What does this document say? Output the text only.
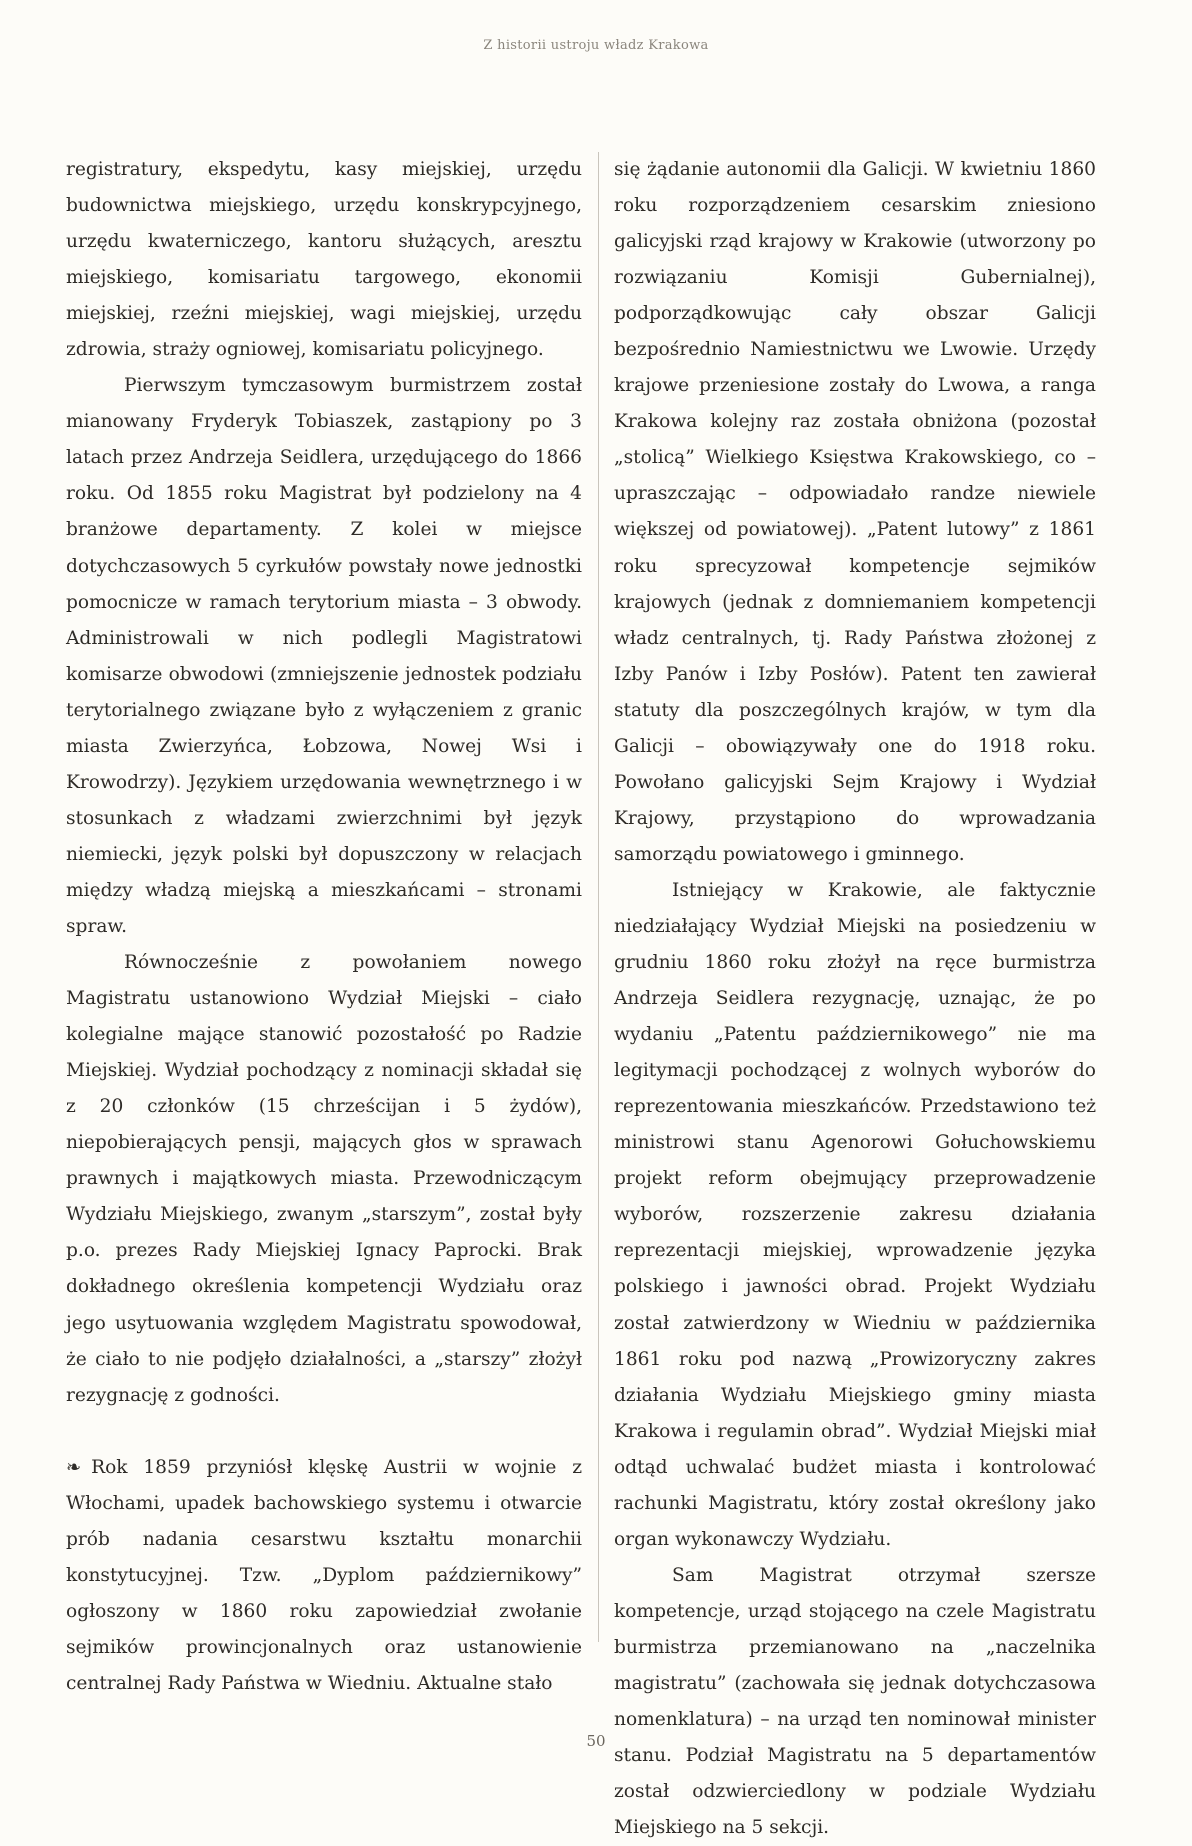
Z historii ustroju władz Krakowa

registratury, ekspedytu, kasy miejskiej, urzędu budownictwa miejskiego, urzędu konskrypcyjnego, urzędu kwaterniczego, kantoru służących, aresztu miejskiego, komisariatu targowego, ekonomii miejskiej, rzeźni miejskiej, wagi miejskiej, urzędu zdrowia, straży ogniowej, komisariatu policyjnego.

Pierwszym tymczasowym burmistrzem został mianowany Fryderyk Tobiaszek, zastąpiony po 3 latach przez Andrzeja Seidlera, urzędującego do 1866 roku. Od 1855 roku Magistrat był podzielony na 4 branżowe departamenty. Z kolei w miejsce dotychczasowych 5 cyrkułów powstały nowe jednostki pomocnicze w ramach terytorium miasta – 3 obwody. Administrowali w nich podlegli Magistratowi komisarze obwodowi (zmniejszenie jednostek podziału terytorialnego związane było z wyłączeniem z granic miasta Zwierzyńca, Łobzowa, Nowej Wsi i Krowodrzy). Językiem urzędowania wewnętrznego i w stosunkach z władzami zwierzchnimi był język niemiecki, język polski był dopuszczony w relacjach między władzą miejską a mieszkańcami – stronami spraw.

Równocześnie z powołaniem nowego Magistratu ustanowiono Wydział Miejski – ciało kolegialne mające stanowić pozostałość po Radzie Miejskiej. Wydział pochodzący z nominacji składał się z 20 członków (15 chrześcijan i 5 żydów), niepobierających pensji, mających głos w sprawach prawnych i majątkowych miasta. Przewodniczącym Wydziału Miejskiego, zwanym „starszym”, został były p.o. prezes Rady Miejskiej Ignacy Paprocki. Brak dokładnego określenia kompetencji Wydziału oraz jego usytuowania względem Magistratu spowodował, że ciało to nie podjęło działalności, a „starszy” złożył rezygnację z godności.

❧ Rok 1859 przyniósł klęskę Austrii w wojnie z Włochami, upadek bachowskiego systemu i otwarcie prób nadania cesarstwu kształtu monarchii konstytucyjnej. Tzw. „Dyplom październikowy” ogłoszony w 1860 roku zapowiedział zwołanie sejmików prowincjonalnych oraz ustanowienie centralnej Rady Państwa w Wiedniu. Aktualne stało

się żądanie autonomii dla Galicji. W kwietniu 1860 roku rozporządzeniem cesarskim zniesiono galicyjski rząd krajowy w Krakowie (utworzony po rozwiązaniu Komisji Gubernialnej), podporządkowując cały obszar Galicji bezpośrednio Namiestnictwu we Lwowie. Urzędy krajowe przeniesione zostały do Lwowa, a ranga Krakowa kolejny raz została obniżona (pozostał „stolicą” Wielkiego Księstwa Krakowskiego, co – upraszczając – odpowiadało randze niewiele większej od powiatowej). „Patent lutowy” z 1861 roku sprecyzował kompetencje sejmików krajowych (jednak z domniemaniem kompetencji władz centralnych, tj. Rady Państwa złożonej z Izby Panów i Izby Posłów). Patent ten zawierał statuty dla poszczególnych krajów, w tym dla Galicji – obowiązywały one do 1918 roku. Powołano galicyjski Sejm Krajowy i Wydział Krajowy, przystąpiono do wprowadzania samorządu powiatowego i gminnego.

Istniejący w Krakowie, ale faktycznie niedziałający Wydział Miejski na posiedzeniu w grudniu 1860 roku złożył na ręce burmistrza Andrzeja Seidlera rezygnację, uznając, że po wydaniu „Patentu październikowego” nie ma legitymacji pochodzącej z wolnych wyborów do reprezentowania mieszkańców. Przedstawiono też ministrowi stanu Agenorowi Gołuchowskiemu projekt reform obejmujący przeprowadzenie wyborów, rozszerzenie zakresu działania reprezentacji miejskiej, wprowadzenie języka polskiego i jawności obrad. Projekt Wydziału został zatwierdzony w Wiedniu w października 1861 roku pod nazwą „Prowizoryczny zakres działania Wydziału Miejskiego gminy miasta Krakowa i regulamin obrad”. Wydział Miejski miał odtąd uchwalać budżet miasta i kontrolować rachunki Magistratu, który został określony jako organ wykonawczy Wydziału.

Sam Magistrat otrzymał szersze kompetencje, urząd stojącego na czele Magistratu burmistrza przemianowano na „naczelnika magistratu” (zachowała się jednak dotychczasowa nomenklatura) – na urząd ten nominował minister stanu. Podział Magistratu na 5 departamentów został odzwierciedlony w podziale Wydziału Miejskiego na 5 sekcji.

50
